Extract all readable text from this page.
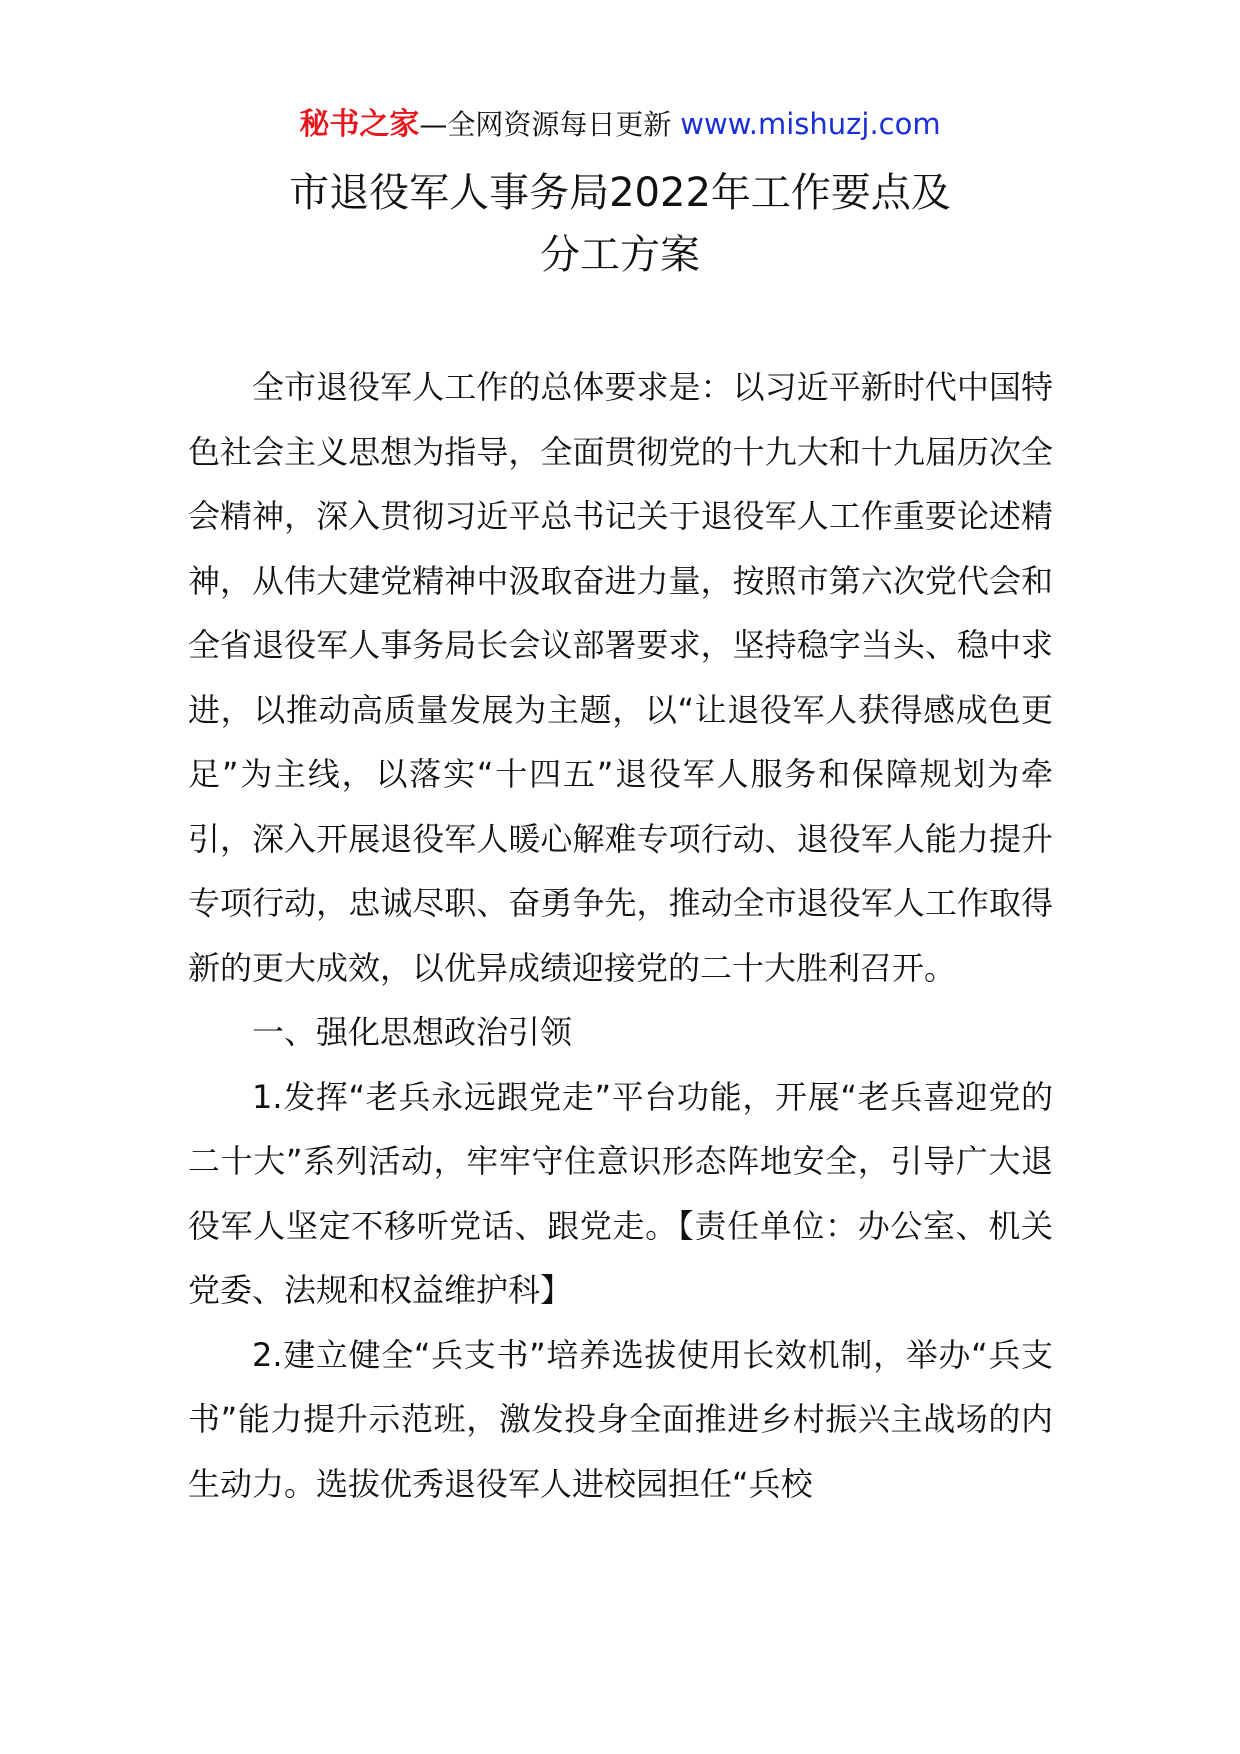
秘书之家—全网资源每日更新 www.mishuzj.com
市退役军人事务局2022年工作要点及
分工方案

全市退役军人工作的总体要求是：以习近平新时代中国特色社会主义思想为指导，全面贯彻党的十九大和十九届历次全会精神，深入贯彻习近平总书记关于退役军人工作重要论述精神，从伟大建党精神中汲取奋进力量，按照市第六次党代会和全省退役军人事务局长会议部署要求，坚持稳字当头、稳中求进，以推动高质量发展为主题，以“让退役军人获得感成色更足”为主线，以落实“十四五”退役军人服务和保障规划为牵引，深入开展退役军人暖心解难专项行动、退役军人能力提升专项行动，忠诚尽职、奋勇争先，推动全市退役军人工作取得新的更大成效，以优异成绩迎接党的二十大胜利召开。

一、强化思想政治引领

1.发挥“老兵永远跟党走”平台功能，开展“老兵喜迎党的二十大”系列活动，牢牢守住意识形态阵地安全，引导广大退役军人坚定不移听党话、跟党走。【责任单位：办公室、机关党委、法规和权益维护科】

2.建立健全“兵支书”培养选拔使用长效机制，举办“兵支书”能力提升示范班，激发投身全面推进乡村振兴主战场的内生动力。选拔优秀退役军人进校园担任“兵校
